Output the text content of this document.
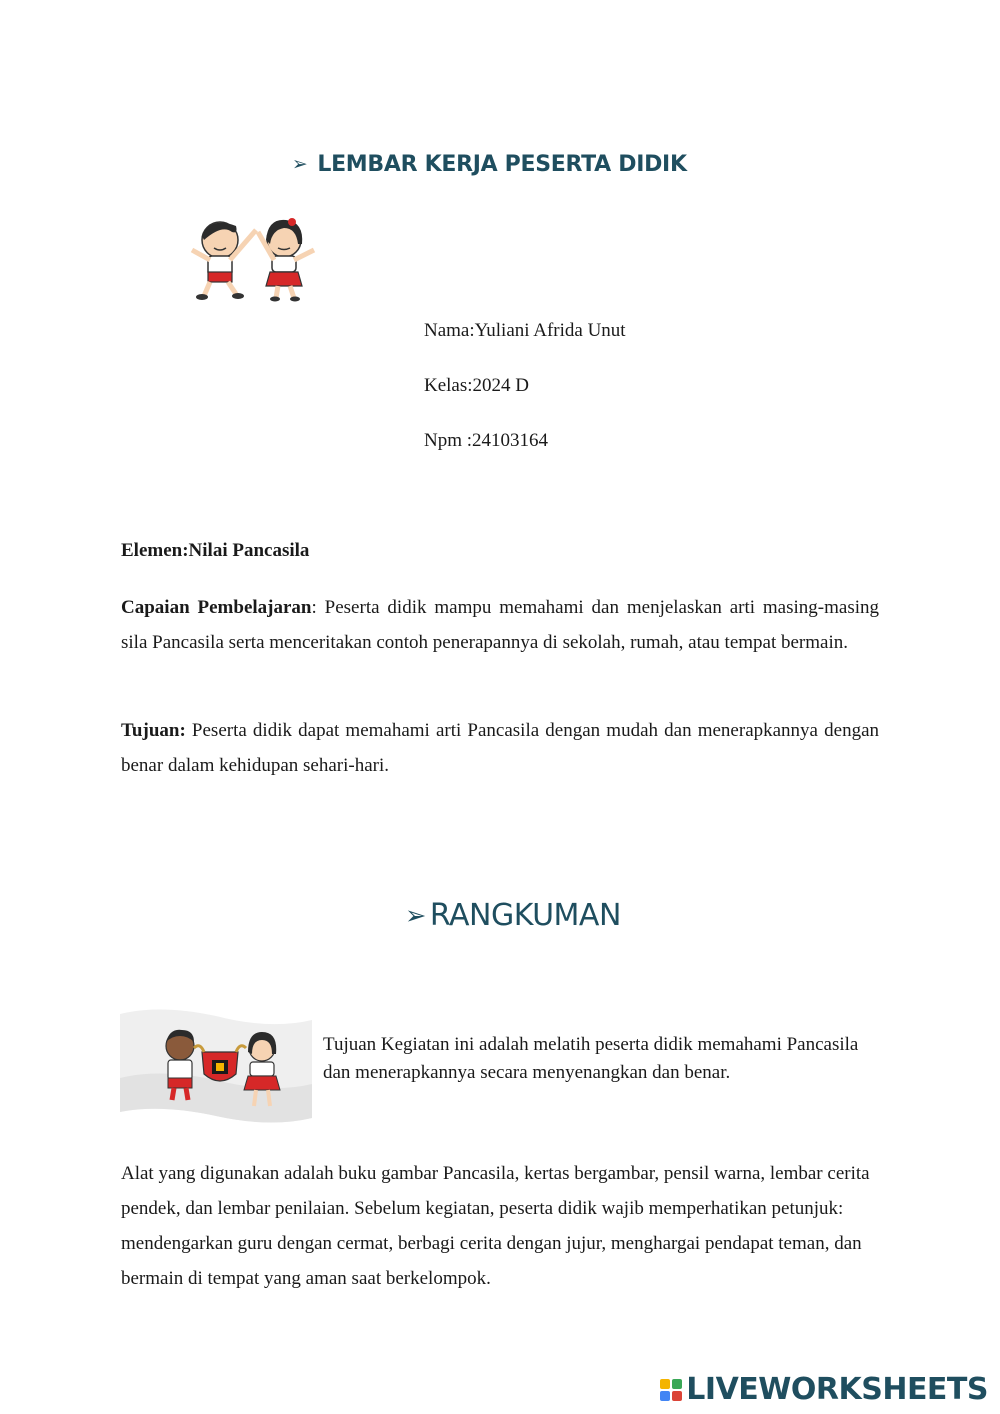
➢ LEMBAR KERJA PESERTA DIDIK
Nama:Yuliani Afrida Unut
Kelas:2024 D
Npm :24103164
Elemen:Nilai Pancasila
Capaian Pembelajaran: Peserta didik mampu memahami dan menjelaskan arti masing-masing sila Pancasila serta menceritakan contoh penerapannya di sekolah, rumah, atau tempat bermain.
Tujuan: Peserta didik dapat memahami arti Pancasila dengan mudah dan menerapkannya dengan benar dalam kehidupan sehari-hari.
➢ RANGKUMAN
Tujuan Kegiatan ini adalah melatih peserta didik memahami Pancasila dan menerapkannya secara menyenangkan dan benar.
Alat yang digunakan adalah buku gambar Pancasila, kertas bergambar, pensil warna, lembar cerita pendek, dan lembar penilaian. Sebelum kegiatan, peserta didik wajib memperhatikan petunjuk: mendengarkan guru dengan cermat, berbagi cerita dengan jujur, menghargai pendapat teman, dan bermain di tempat yang aman saat berkelompok.
LIVEWORKSHEETS
